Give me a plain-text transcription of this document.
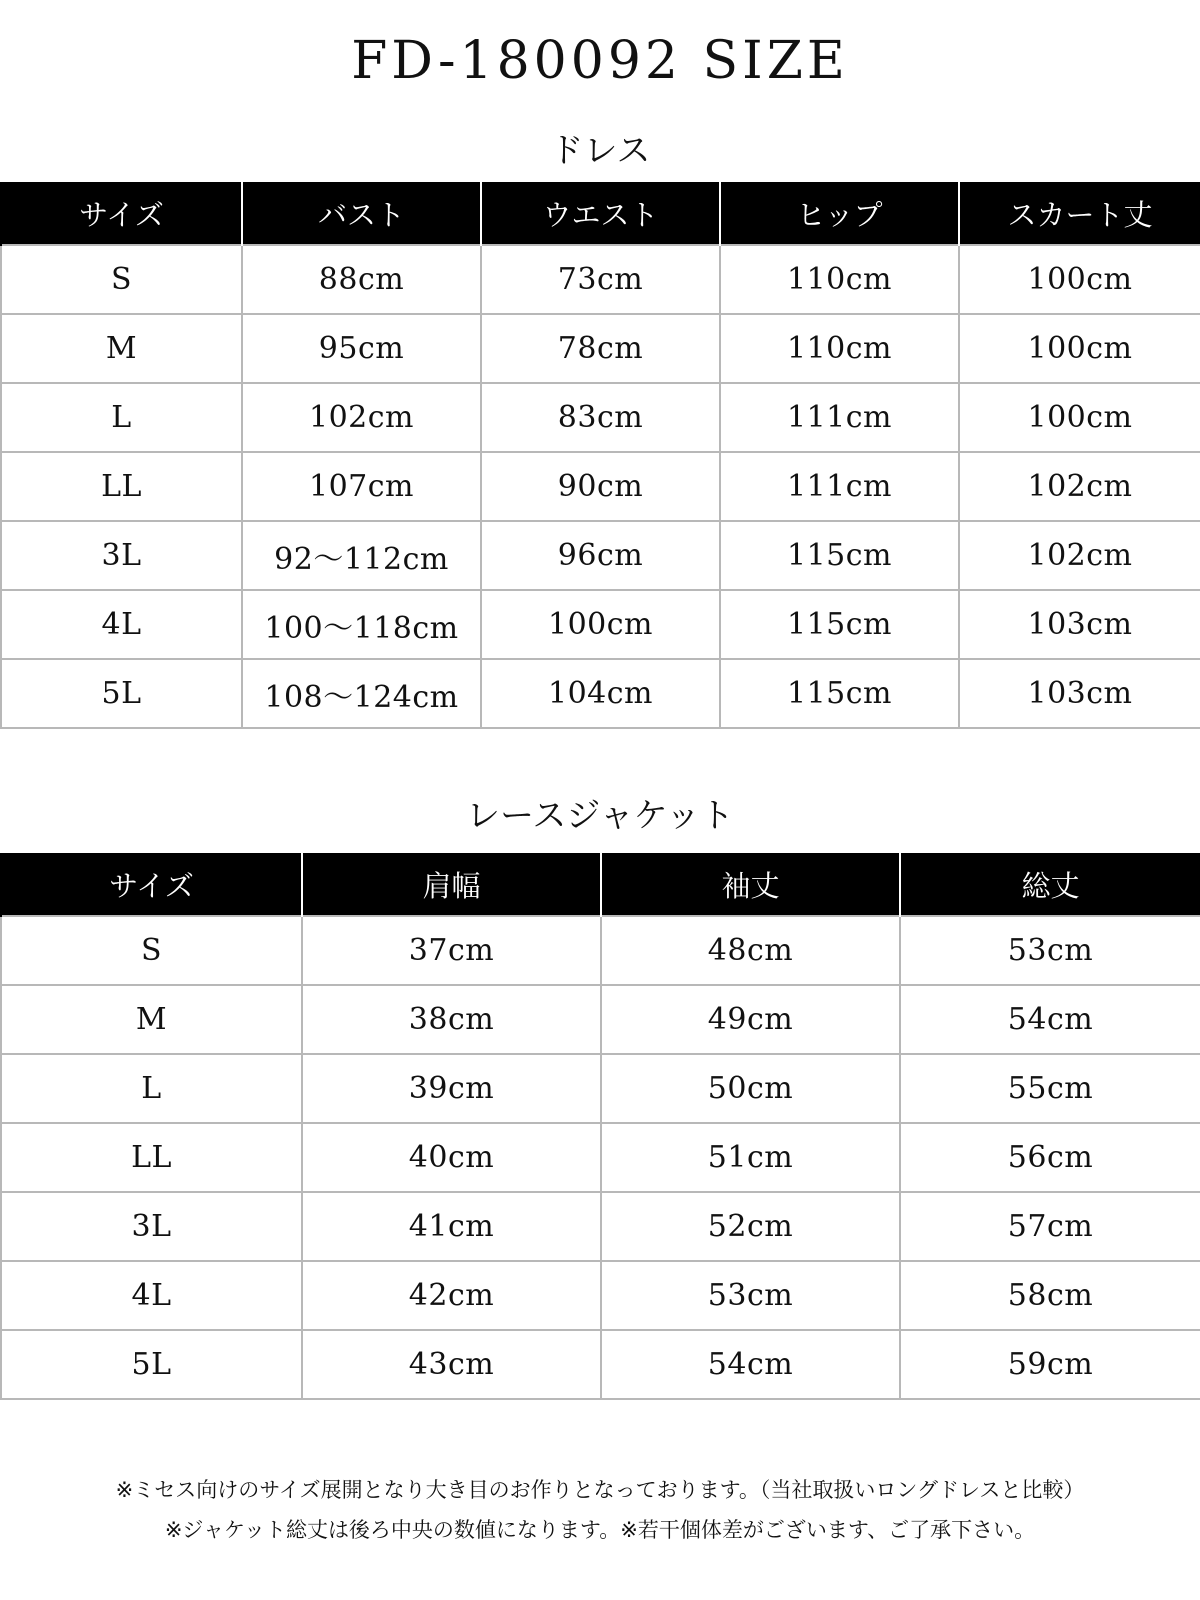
FD-180092 SIZE
ドレス
サイズ	バスト	ウエスト	ヒップ	スカート丈
S	88cm	73cm	110cm	100cm
M	95cm	78cm	110cm	100cm
L	102cm	83cm	111cm	100cm
LL	107cm	90cm	111cm	102cm
3L	92〜112cm	96cm	115cm	102cm
4L	100〜118cm	100cm	115cm	103cm
5L	108〜124cm	104cm	115cm	103cm
レースジャケット
サイズ	肩幅	袖丈	総丈
S	37cm	48cm	53cm
M	38cm	49cm	54cm
L	39cm	50cm	55cm
LL	40cm	51cm	56cm
3L	41cm	52cm	57cm
4L	42cm	53cm	58cm
5L	43cm	54cm	59cm

※ミセス向けのサイズ展開となり大き目のお作りとなっております。（当社取扱いロングドレスと比較）

※ジャケット総丈は後ろ中央の数値になります。※若干個体差がございます、ご了承下さい。
